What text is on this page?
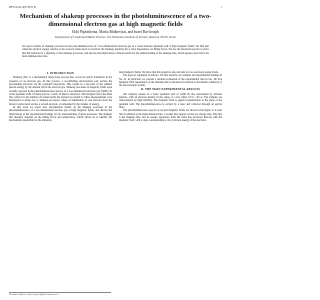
PHYSICAL REVIEW B	1
Mechanism of shakeup processes in the photoluminescence of a two-dimensional electron gas at high magnetic fields
Eldit Pipkerkeina, Marko Bhiktevisai, and Israel Bar-Joseph
Department of Condensed Matter Physics, The Weizmann Institute of Science, Rehovot 76100, Israel
We report studies of shakeup processes in the photoluminescence of a two-dimensional electron gas in a GaAs/AlGaAs quantum well at high magnetic fields. We find that when the electron energy relative to the lowest Landau level is resolved, the shakeup intensity has a clear dependence on filling factor. We use the measured spectra to show that this behavior is a signature of the shakeup processes, and discuss the implications of these results for the understanding of the shakeup line, which appears just below the main luminescence line.
I. INTRODUCTION

Shakeup (SU) is a fundamental many-body process that occurs in optical transitions in the presence of an electron gas. In this process, a recombining electron-hole pair excites the surrounding electrons via the Coulomb interaction. This results in a decrease of the emitted photon energy by the amount left in the electron gas. Shakeup processes in magnetic fields were recently reported in the photoluminescence spectra of a two-dimensional electron gas (2DEG) in GaAs quantum wells. In these spectra, a series of lines is observed, with energies below the main line, where n is the number of Landau levels the electron is excited to. These measurements were interpreted as being due to shakeup processes, where recombination of one electron from the lowest Landau level excites a second electron, accompanied by the transfer of energy.

In this work we report new experimental results on the shakeup processes in the photoluminescence of a two-dimensional electron gas at high magnetic fields, and discuss the implications of the experimental findings on our understanding of these processes. The shakeup line intensity depends on the filling factor and temperature, which allows us to identify the mechanism responsible for the emission.

ning magnetic fields. We show that this system is also relevant for two electron Landau levels.

The paper is organized as follows. We first describe our samples and experimental findings in Sec. II. In particular, we present a detailed evaluation of the experimental data in Sec. III. The magnetic field dependence of the shakeup line is discussed in relation to the hidden symmetry of the electron-hole system.

II. THE MAIN EXPERIMENTAL RESULTS

Our samples consist of a GaAs quantum well of width 20 nm, surrounded by AlGaAs barriers, with an electron density in the range of a few times 10^11 cm^-2. The samples are characterized by high mobility. The magnetic field is applied perpendicular to the plane of the quantum well. The photoluminescence is excited by a laser and collected through an optical fiber.

The photoluminescence spectra at several magnetic fields are shown in the figure. It is seen that in addition to the main emission line, a weaker line appears on the low energy side. This line is the shakeup line, and its energy separation from the main line increases linearly with the magnetic field, with a slope corresponding to the cyclotron energy of the electrons.

Electronic address: israel.bar-joseph@weizmann.ac.il
